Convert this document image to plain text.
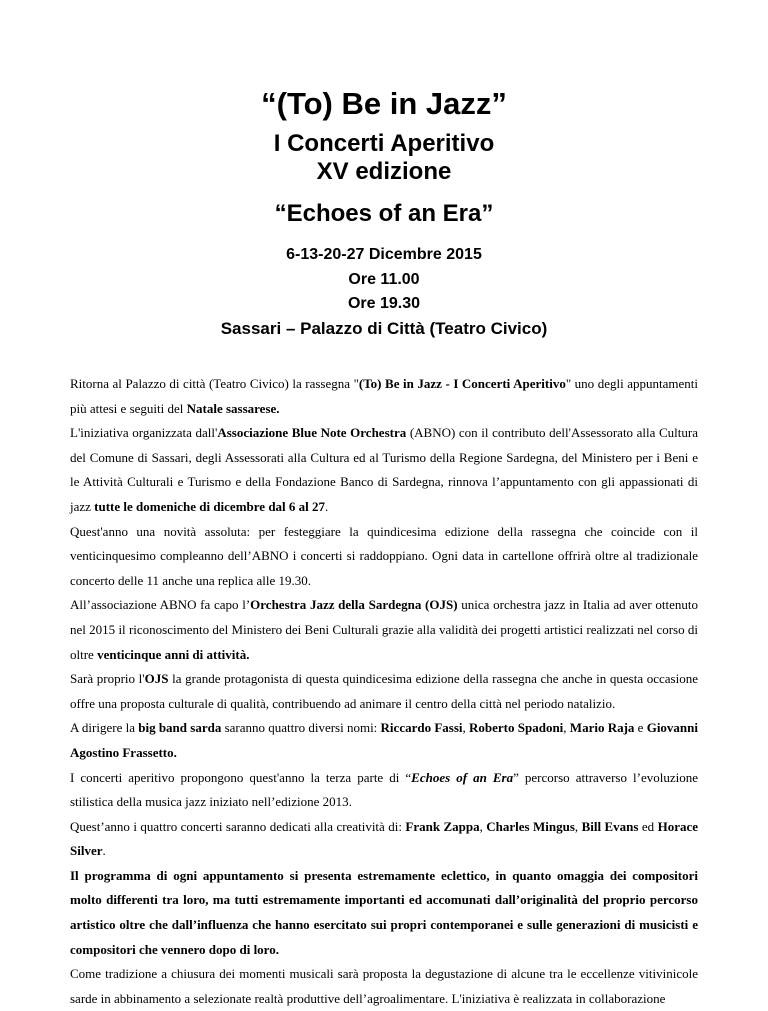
“(To) Be in Jazz”
I Concerti Aperitivo
XV edizione
“Echoes of an Era”
6-13-20-27 Dicembre 2015
Ore 11.00
Ore 19.30
Sassari – Palazzo di Città (Teatro Civico)

Ritorna al Palazzo di città (Teatro Civico) la rassegna "(To) Be in Jazz - I Concerti Aperitivo" uno degli appuntamenti più attesi e seguiti del Natale sassarese.

L'iniziativa organizzata dall'Associazione Blue Note Orchestra (ABNO) con il contributo dell'Assessorato alla Cultura del Comune di Sassari, degli Assessorati alla Cultura ed al Turismo della Regione Sardegna, del Ministero per i Beni e le Attività Culturali e Turismo e della Fondazione Banco di Sardegna, rinnova l’appuntamento con gli appassionati di jazz tutte le domeniche di dicembre dal 6 al 27.

Quest'anno una novità assoluta: per festeggiare la quindicesima edizione della rassegna che coincide con il venticinquesimo compleanno dell’ABNO i concerti si raddoppiano. Ogni data in cartellone offrirà oltre al tradizionale concerto delle 11 anche una replica alle 19.30.

All’associazione ABNO fa capo l’Orchestra Jazz della Sardegna (OJS) unica orchestra jazz in Italia ad aver ottenuto nel 2015 il riconoscimento del Ministero dei Beni Culturali grazie alla validità dei progetti artistici realizzati nel corso di oltre venticinque anni di attività.

Sarà proprio l'OJS la grande protagonista di questa quindicesima edizione della rassegna che anche in questa occasione offre una proposta culturale di qualità, contribuendo ad animare il centro della città nel periodo natalizio.

A dirigere la big band sarda saranno quattro diversi nomi: Riccardo Fassi, Roberto Spadoni, Mario Raja e Giovanni Agostino Frassetto.

I concerti aperitivo propongono quest'anno la terza parte di “Echoes of an Era” percorso attraverso l’evoluzione stilistica della musica jazz iniziato nell’edizione 2013.

Quest’anno i quattro concerti saranno dedicati alla creatività di: Frank Zappa, Charles Mingus, Bill Evans ed Horace Silver.

Il programma di ogni appuntamento si presenta estremamente eclettico, in quanto omaggia dei compositori molto differenti tra loro, ma tutti estremamente importanti ed accomunati dall’originalità del proprio percorso artistico oltre che dall’influenza che hanno esercitato sui propri contemporanei e sulle generazioni di musicisti e compositori che vennero dopo di loro.

Come tradizione a chiusura dei momenti musicali sarà proposta la degustazione di alcune tra le eccellenze vitivinicole sarde in abbinamento a selezionate realtà produttive dell’agroalimentare. L'iniziativa è realizzata in collaborazione
